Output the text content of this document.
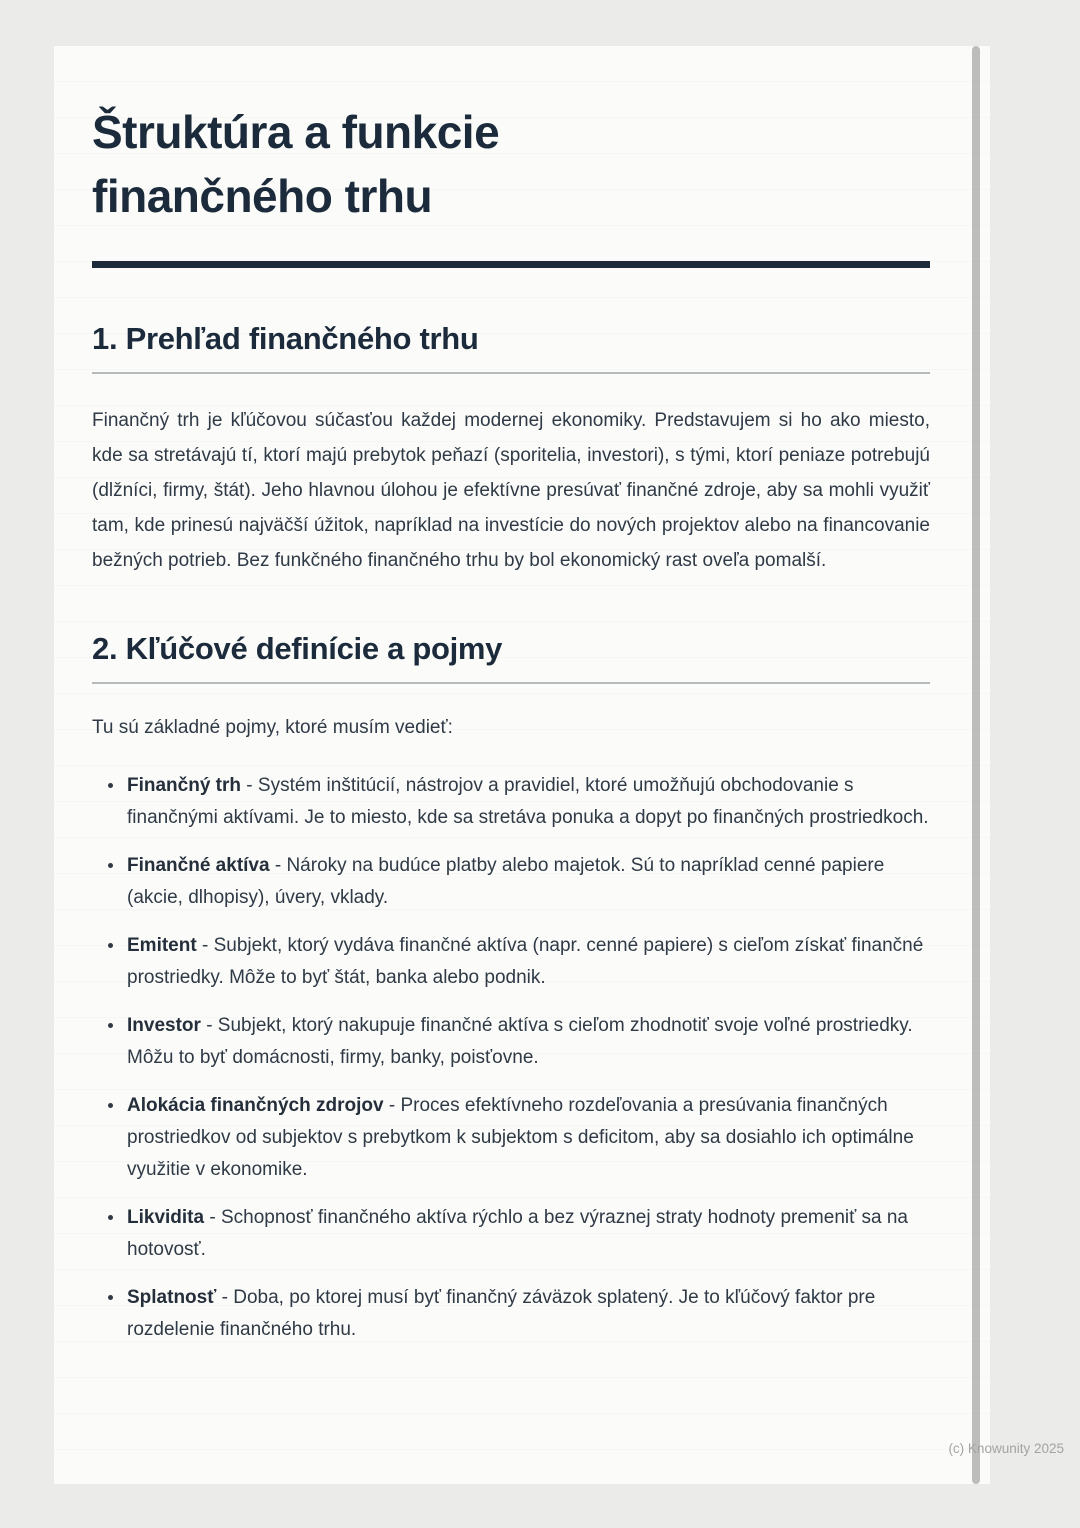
Štruktúra a funkcie finančného trhu
1. Prehľad finančného trhu

Finančný trh je kľúčovou súčasťou každej modernej ekonomiky. Predstavujem si ho ako miesto, kde sa stretávajú tí, ktorí majú prebytok peňazí (sporitelia, investori), s tými, ktorí peniaze potrebujú (dlžníci, firmy, štát). Jeho hlavnou úlohou je efektívne presúvať finančné zdroje, aby sa mohli využiť tam, kde prinesú najväčší úžitok, napríklad na investície do nových projektov alebo na financovanie bežných potrieb. Bez funkčného finančného trhu by bol ekonomický rast oveľa pomalší.

2. Kľúčové definície a pojmy

Tu sú základné pojmy, ktoré musím vedieť:

• Finančný trh - Systém inštitúcií, nástrojov a pravidiel, ktoré umožňujú obchodovanie s finančnými aktívami. Je to miesto, kde sa stretáva ponuka a dopyt po finančných prostriedkoch.
• Finančné aktíva - Nároky na budúce platby alebo majetok. Sú to napríklad cenné papiere (akcie, dlhopisy), úvery, vklady.
• Emitent - Subjekt, ktorý vydáva finančné aktíva (napr. cenné papiere) s cieľom získať finančné prostriedky. Môže to byť štát, banka alebo podnik.
• Investor - Subjekt, ktorý nakupuje finančné aktíva s cieľom zhodnotiť svoje voľné prostriedky. Môžu to byť domácnosti, firmy, banky, poisťovne.
• Alokácia finančných zdrojov - Proces efektívneho rozdeľovania a presúvania finančných prostriedkov od subjektov s prebytkom k subjektom s deficitom, aby sa dosiahlo ich optimálne využitie v ekonomike.
• Likvidita - Schopnosť finančného aktíva rýchlo a bez výraznej straty hodnoty premeniť sa na hotovosť.
• Splatnosť - Doba, po ktorej musí byť finančný záväzok splatený. Je to kľúčový faktor pre rozdelenie finančného trhu.
(c) Knowunity 2025
